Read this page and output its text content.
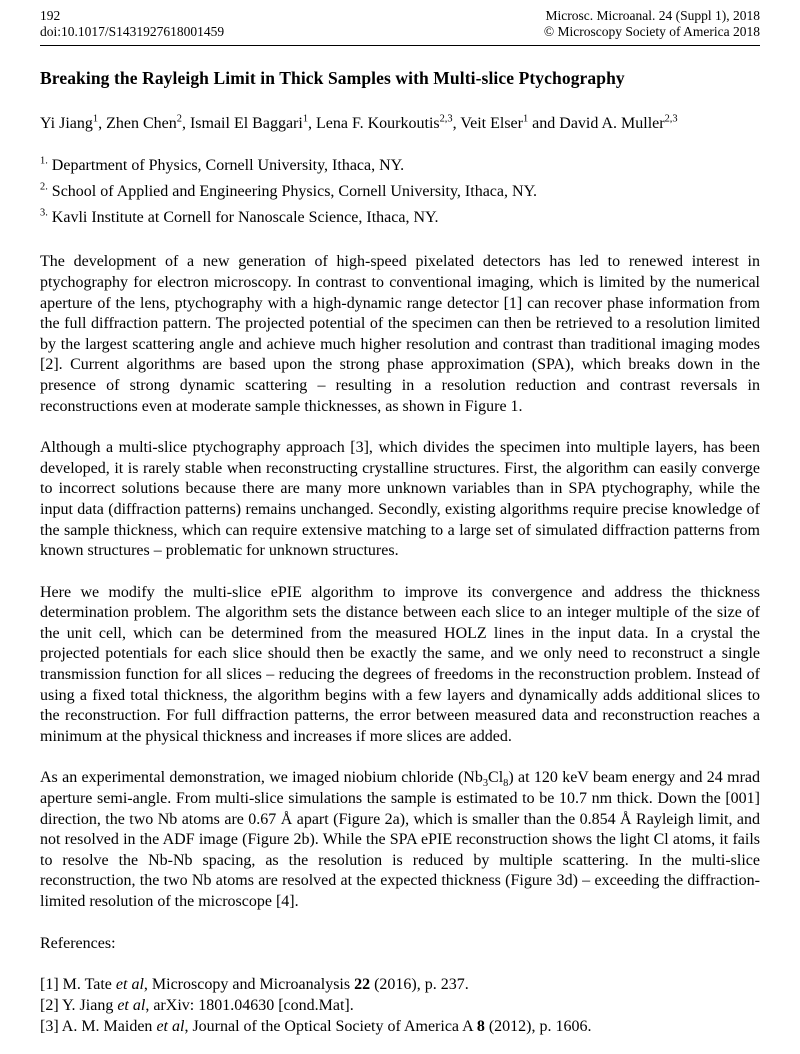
192
doi:10.1017/S1431927618001459
Microsc. Microanal. 24 (Suppl 1), 2018
© Microscopy Society of America 2018
Breaking the Rayleigh Limit in Thick Samples with Multi-slice Ptychography

Yi Jiang$^1$, Zhen Chen$^2$, Ismail El Baggari$^1$, Lena F. Kourkoutis$^{2,3}$, Veit Elser$^1$ and David A. Muller$^{2,3}$

$^{1.}$ Department of Physics, Cornell University, Ithaca, NY.

$^{2.}$ School of Applied and Engineering Physics, Cornell University, Ithaca, NY.

$^{3.}$ Kavli Institute at Cornell for Nanoscale Science, Ithaca, NY.

The development of a new generation of high-speed pixelated detectors has led to renewed interest in ptychography for electron microscopy. In contrast to conventional imaging, which is limited by the numerical aperture of the lens, ptychography with a high-dynamic range detector [1] can recover phase information from the full diffraction pattern. The projected potential of the specimen can then be retrieved to a resolution limited by the largest scattering angle and achieve much higher resolution and contrast than traditional imaging modes [2]. Current algorithms are based upon the strong phase approximation (SPA), which breaks down in the presence of strong dynamic scattering – resulting in a resolution reduction and contrast reversals in reconstructions even at moderate sample thicknesses, as shown in Figure 1.

Although a multi-slice ptychography approach [3], which divides the specimen into multiple layers, has been developed, it is rarely stable when reconstructing crystalline structures. First, the algorithm can easily converge to incorrect solutions because there are many more unknown variables than in SPA ptychography, while the input data (diffraction patterns) remains unchanged. Secondly, existing algorithms require precise knowledge of the sample thickness, which can require extensive matching to a large set of simulated diffraction patterns from known structures – problematic for unknown structures.

Here we modify the multi-slice ePIE algorithm to improve its convergence and address the thickness determination problem. The algorithm sets the distance between each slice to an integer multiple of the size of the unit cell, which can be determined from the measured HOLZ lines in the input data. In a crystal the projected potentials for each slice should then be exactly the same, and we only need to reconstruct a single transmission function for all slices – reducing the degrees of freedoms in the reconstruction problem. Instead of using a fixed total thickness, the algorithm begins with a few layers and dynamically adds additional slices to the reconstruction. For full diffraction patterns, the error between measured data and reconstruction reaches a minimum at the physical thickness and increases if more slices are added.

As an experimental demonstration, we imaged niobium chloride $(Nb_3Cl_8)$ at 120 keV beam energy and 24 mrad aperture semi-angle. From multi-slice simulations the sample is estimated to be 10.7 nm thick. Down the [001] direction, the two Nb atoms are 0.67 Å apart (Figure 2a), which is smaller than the 0.854 Å Rayleigh limit, and not resolved in the ADF image (Figure 2b). While the SPA ePIE reconstruction shows the light Cl atoms, it fails to resolve the Nb-Nb spacing, as the resolution is reduced by multiple scattering. In the multi-slice reconstruction, the two Nb atoms are resolved at the expected thickness (Figure 3d) – exceeding the diffraction-limited resolution of the microscope [4].

References:

[1] M. Tate et al, Microscopy and Microanalysis 22 (2016), p. 237.

[2] Y. Jiang et al, arXiv: 1801.04630 [cond.Mat].

[3] A. M. Maiden et al, Journal of the Optical Society of America A 8 (2012), p. 1606.
